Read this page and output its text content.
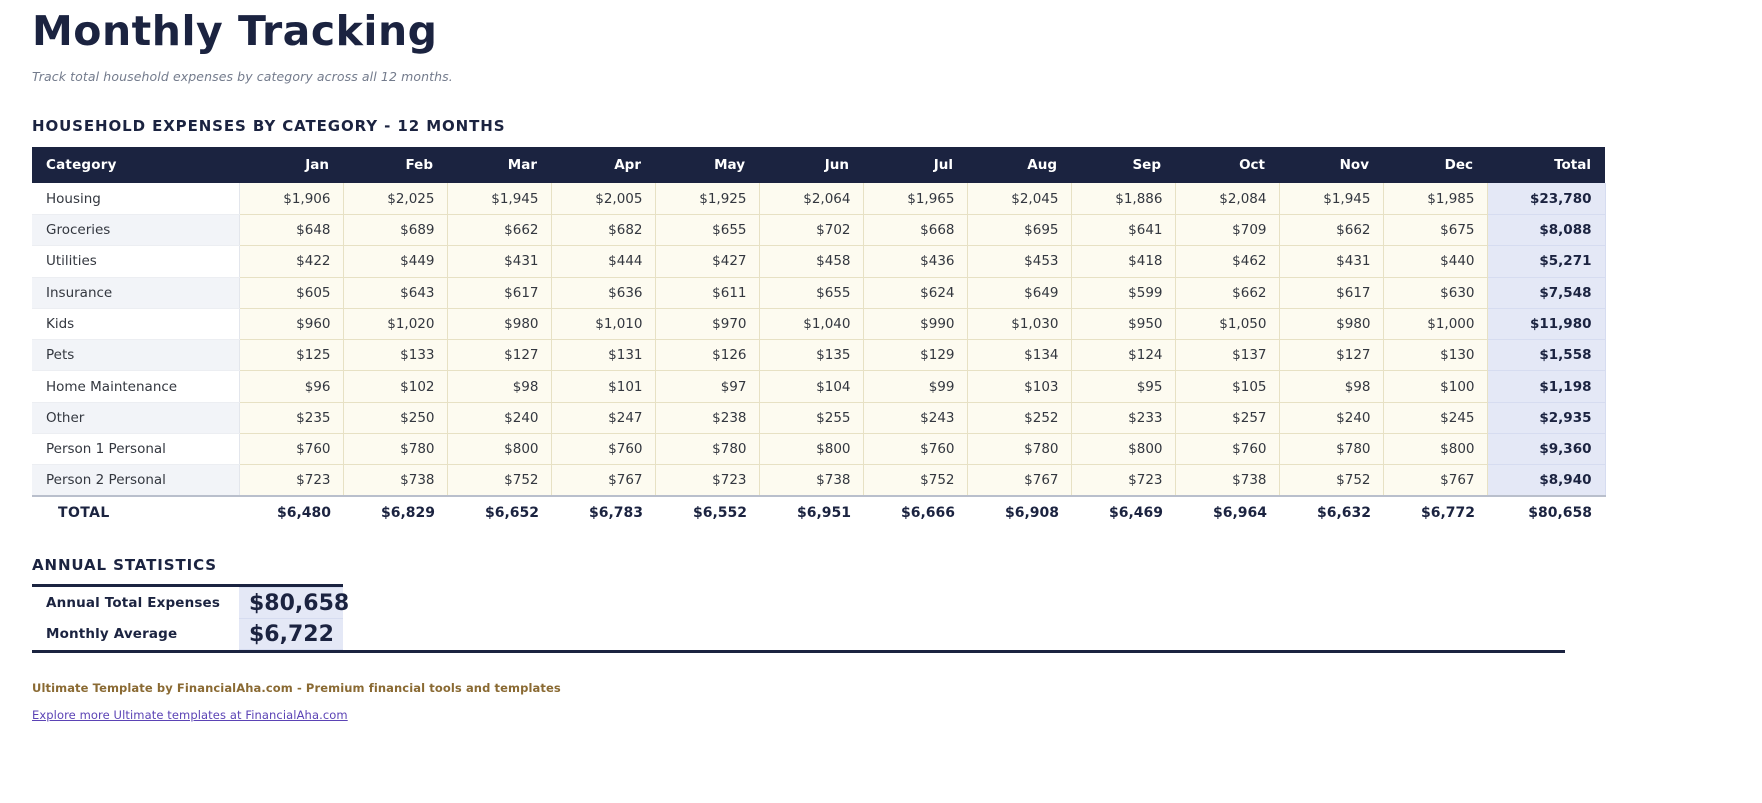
Monthly Tracking

Track total household expenses by category across all 12 months.

HOUSEHOLD EXPENSES BY CATEGORY - 12 MONTHS
Category	Jan	Feb	Mar	Apr	May	Jun	Jul	Aug	Sep	Oct	Nov	Dec	Total
Housing	$1,906	$2,025	$1,945	$2,005	$1,925	$2,064	$1,965	$2,045	$1,886	$2,084	$1,945	$1,985	$23,780
Groceries	$648	$689	$662	$682	$655	$702	$668	$695	$641	$709	$662	$675	$8,088
Utilities	$422	$449	$431	$444	$427	$458	$436	$453	$418	$462	$431	$440	$5,271
Insurance	$605	$643	$617	$636	$611	$655	$624	$649	$599	$662	$617	$630	$7,548
Kids	$960	$1,020	$980	$1,010	$970	$1,040	$990	$1,030	$950	$1,050	$980	$1,000	$11,980
Pets	$125	$133	$127	$131	$126	$135	$129	$134	$124	$137	$127	$130	$1,558
Home Maintenance	$96	$102	$98	$101	$97	$104	$99	$103	$95	$105	$98	$100	$1,198
Other	$235	$250	$240	$247	$238	$255	$243	$252	$233	$257	$240	$245	$2,935
Person 1 Personal	$760	$780	$800	$760	$780	$800	$760	$780	$800	$760	$780	$800	$9,360
Person 2 Personal	$723	$738	$752	$767	$723	$738	$752	$767	$723	$738	$752	$767	$8,940
TOTAL	$6,480	$6,829	$6,652	$6,783	$6,552	$6,951	$6,666	$6,908	$6,469	$6,964	$6,632	$6,772	$80,658
ANNUAL STATISTICS

Annual Total Expenses	$80,658
Monthly Average	$6,722

Ultimate Template by FinancialAha.com - Premium financial tools and templates

Explore more Ultimate templates at FinancialAha.com
